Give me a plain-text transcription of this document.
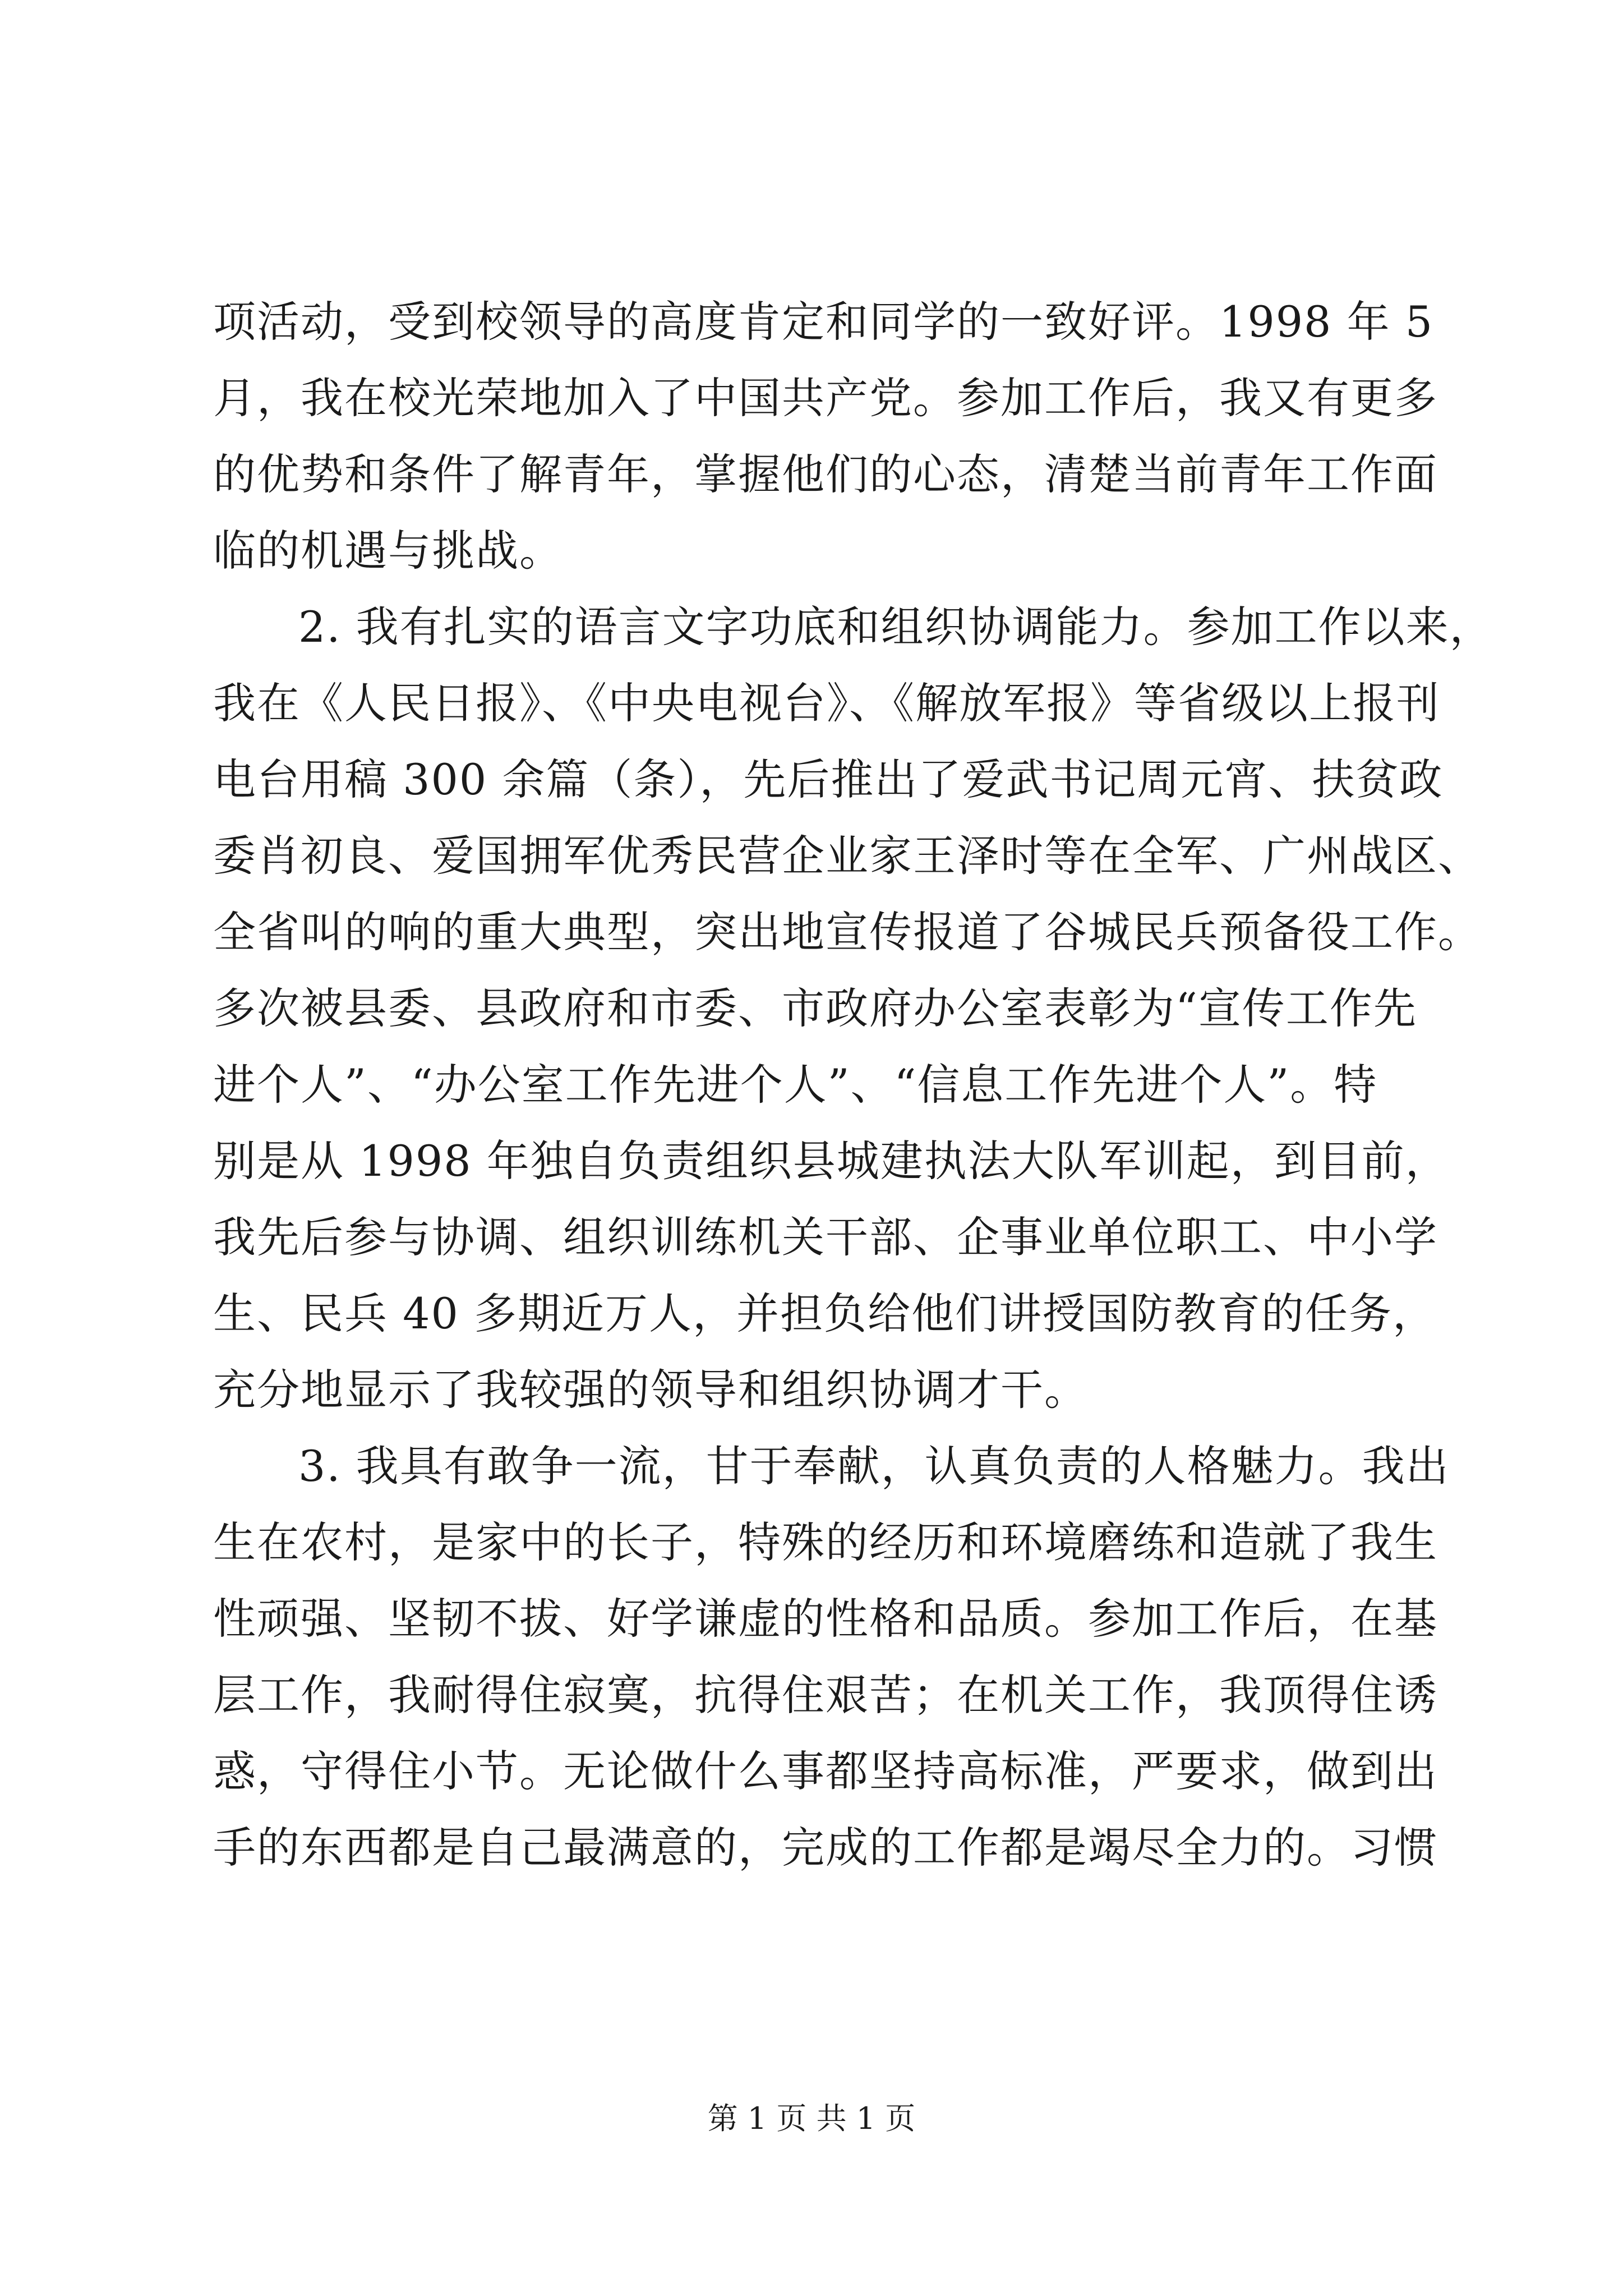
项活动，受到校领导的高度肯定和同学的一致好评。1998 年 5
月，我在校光荣地加入了中国共产党。参加工作后，我又有更多
的优势和条件了解青年，掌握他们的心态，清楚当前青年工作面
临的机遇与挑战。
2. 我有扎实的语言文字功底和组织协调能力。参加工作以来，
我在《人民日报》、《中央电视台》、《解放军报》等省级以上报刊
电台用稿 300 余篇（条），先后推出了爱武书记周元宵、扶贫政
委肖初良、爱国拥军优秀民营企业家王泽时等在全军、广州战区、
全省叫的响的重大典型，突出地宣传报道了谷城民兵预备役工作。
多次被县委、县政府和市委、市政府办公室表彰为“宣传工作先
进个人”、“办公室工作先进个人”、“信息工作先进个人”。特
别是从 1998 年独自负责组织县城建执法大队军训起，到目前，
我先后参与协调、组织训练机关干部、企事业单位职工、中小学
生、民兵 40 多期近万人，并担负给他们讲授国防教育的任务，
充分地显示了我较强的领导和组织协调才干。
3. 我具有敢争一流，甘于奉献，认真负责的人格魅力。我出
生在农村，是家中的长子，特殊的经历和环境磨练和造就了我生
性顽强、坚韧不拔、好学谦虚的性格和品质。参加工作后，在基
层工作，我耐得住寂寞，抗得住艰苦；在机关工作，我顶得住诱
惑，守得住小节。无论做什么事都坚持高标准，严要求，做到出
手的东西都是自己最满意的，完成的工作都是竭尽全力的。习惯
第 1 页 共 1 页
